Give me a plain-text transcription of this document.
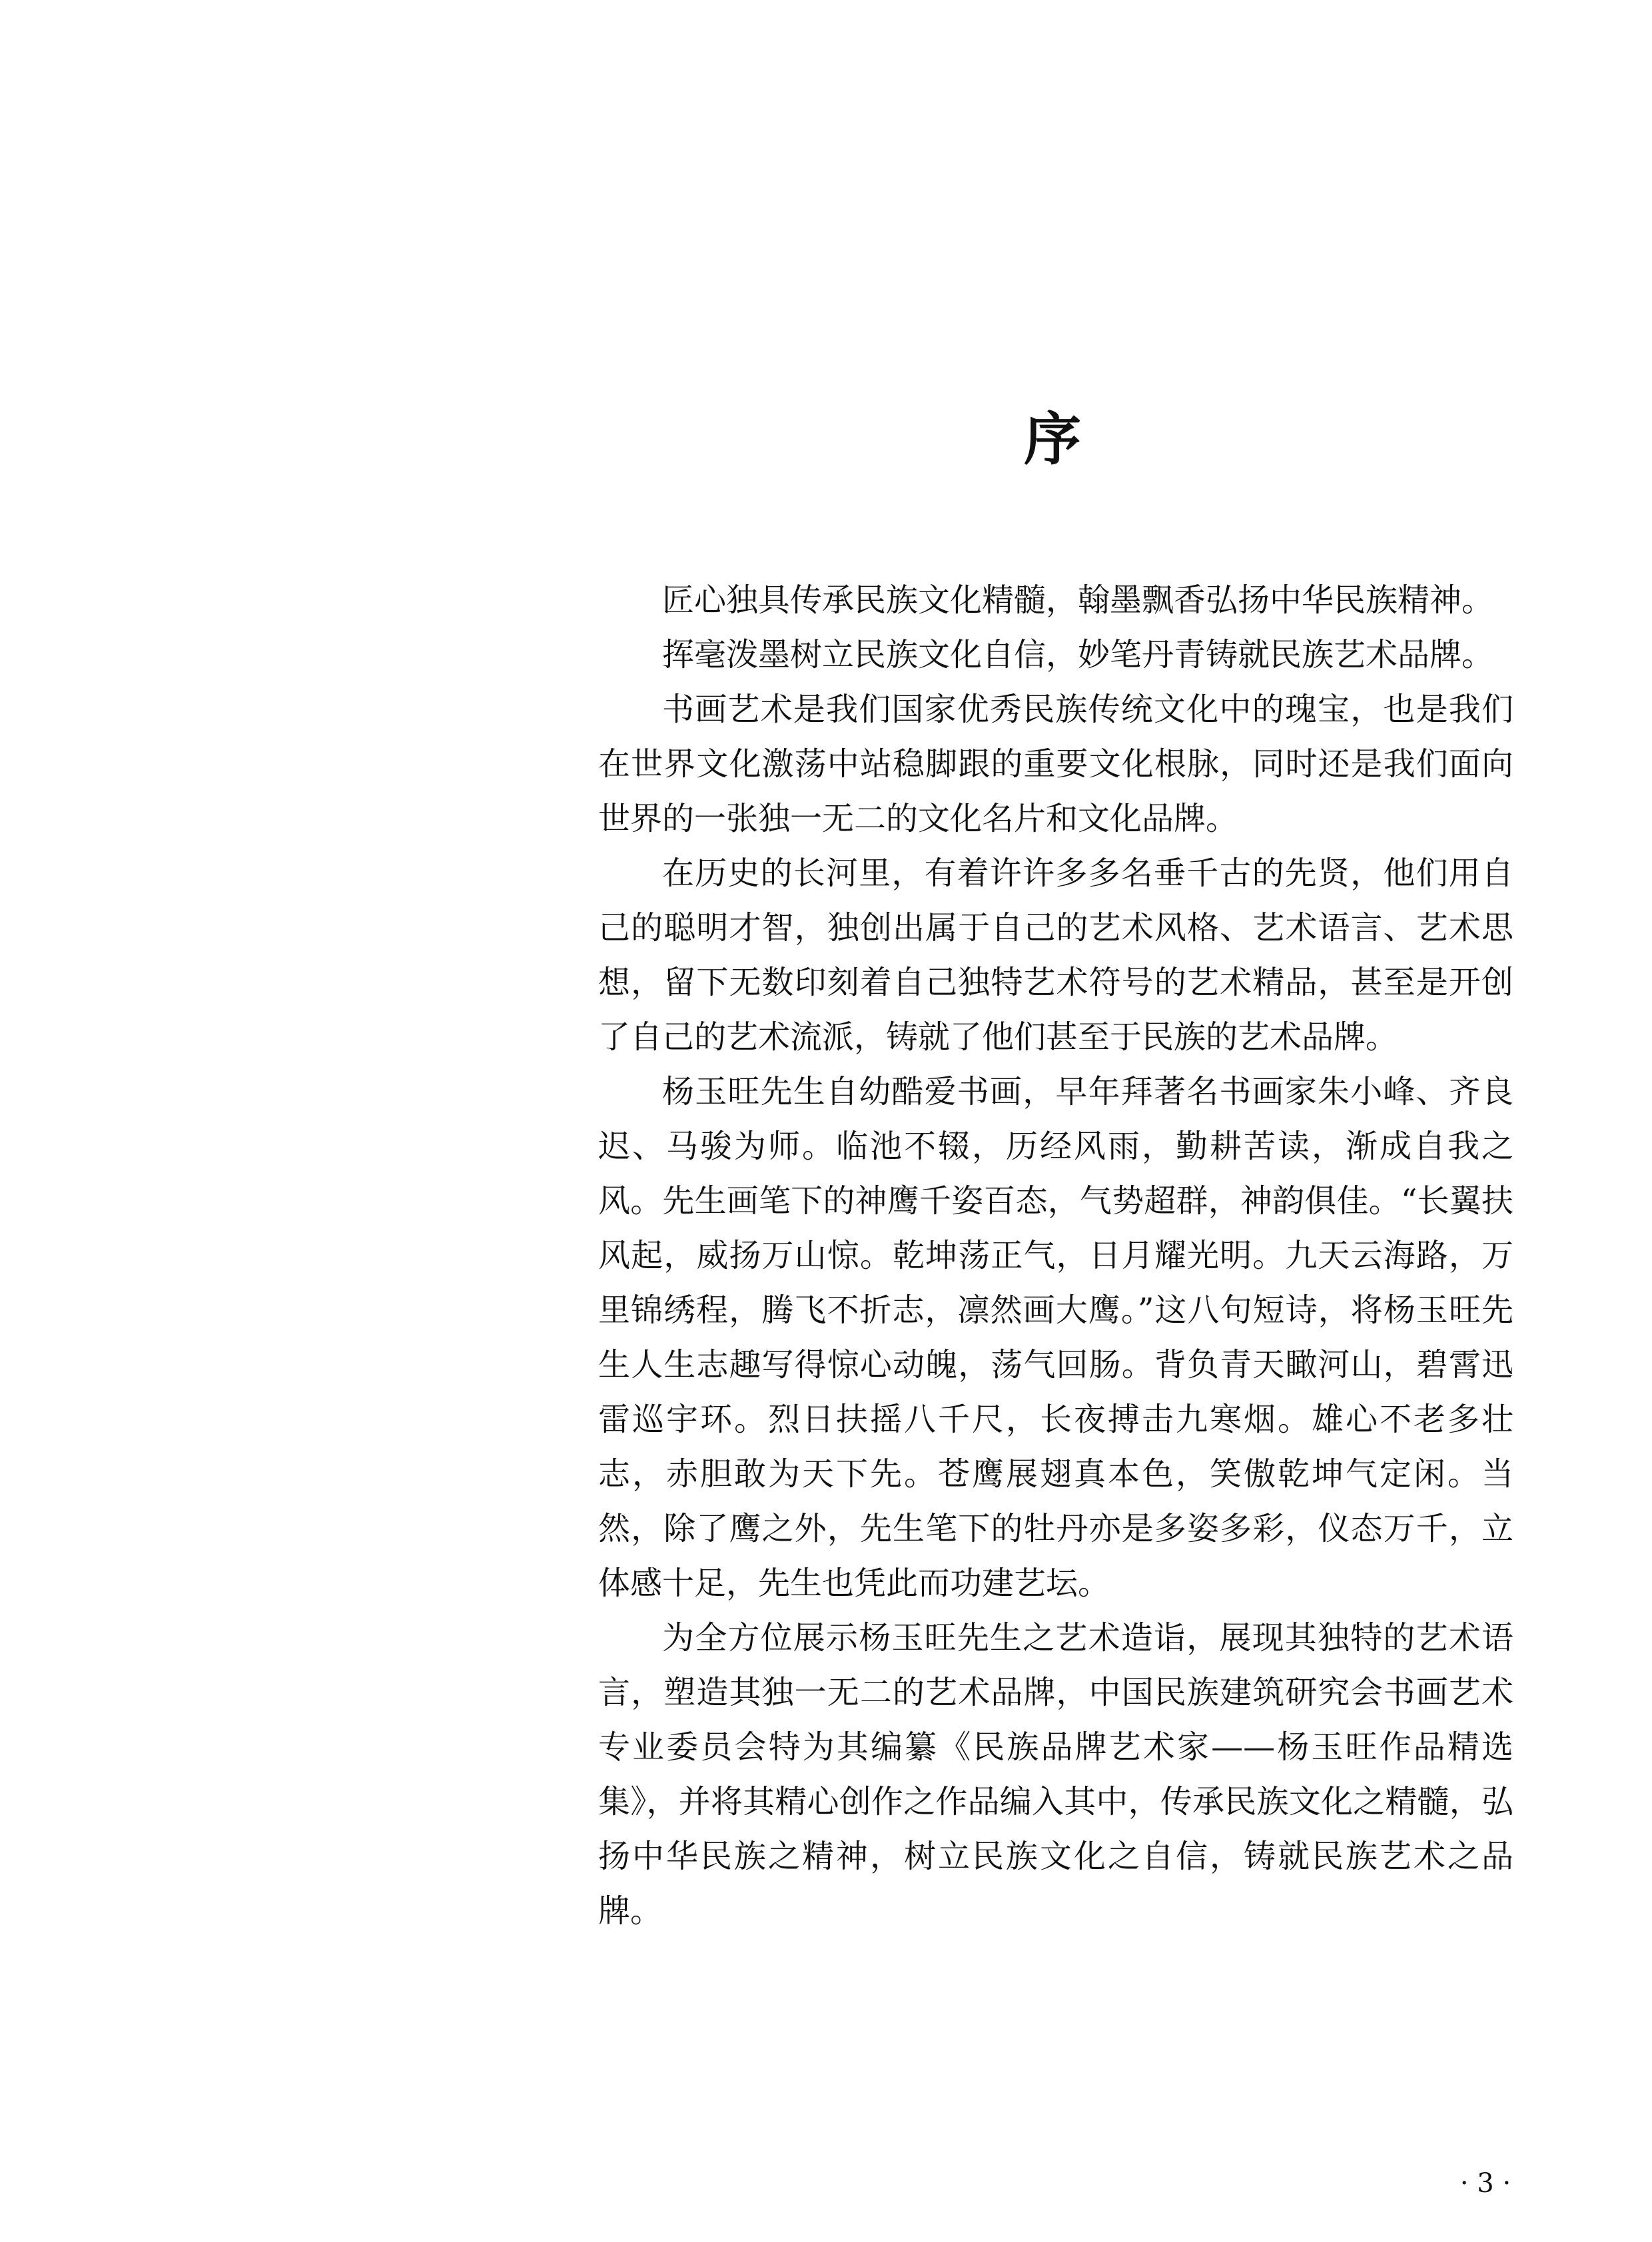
序

匠心独具传承民族文化精髓，翰墨飘香弘扬中华民族精神。

挥毫泼墨树立民族文化自信，妙笔丹青铸就民族艺术品牌。

书画艺术是我们国家优秀民族传统文化中的瑰宝，也是我们在世界文化激荡中站稳脚跟的重要文化根脉，同时还是我们面向世界的一张独一无二的文化名片和文化品牌。

在历史的长河里，有着许许多多名垂千古的先贤，他们用自己的聪明才智，独创出属于自己的艺术风格、艺术语言、艺术思想，留下无数印刻着自己独特艺术符号的艺术精品，甚至是开创了自己的艺术流派，铸就了他们甚至于民族的艺术品牌。

杨玉旺先生自幼酷爱书画，早年拜著名书画家朱小峰、齐良迟、马骏为师。临池不辍，历经风雨，勤耕苦读，渐成自我之风。先生画笔下的神鹰千姿百态，气势超群，神韵俱佳。“长翼扶风起，威扬万山惊。乾坤荡正气，日月耀光明。九天云海路，万里锦绣程，腾飞不折志，凛然画大鹰。”这八句短诗，将杨玉旺先生人生志趣写得惊心动魄，荡气回肠。背负青天瞰河山，碧霄迅雷巡宇环。烈日扶摇八千尺，长夜搏击九寒烟。雄心不老多壮志，赤胆敢为天下先。苍鹰展翅真本色，笑傲乾坤气定闲。当然，除了鹰之外，先生笔下的牡丹亦是多姿多彩，仪态万千，立体感十足，先生也凭此而功建艺坛。

为全方位展示杨玉旺先生之艺术造诣，展现其独特的艺术语言，塑造其独一无二的艺术品牌，中国民族建筑研究会书画艺术专业委员会特为其编纂《民族品牌艺术家——杨玉旺作品精选集》，并将其精心创作之作品编入其中，传承民族文化之精髓，弘扬中华民族之精神，树立民族文化之自信，铸就民族艺术之品牌。

· 3 ·
